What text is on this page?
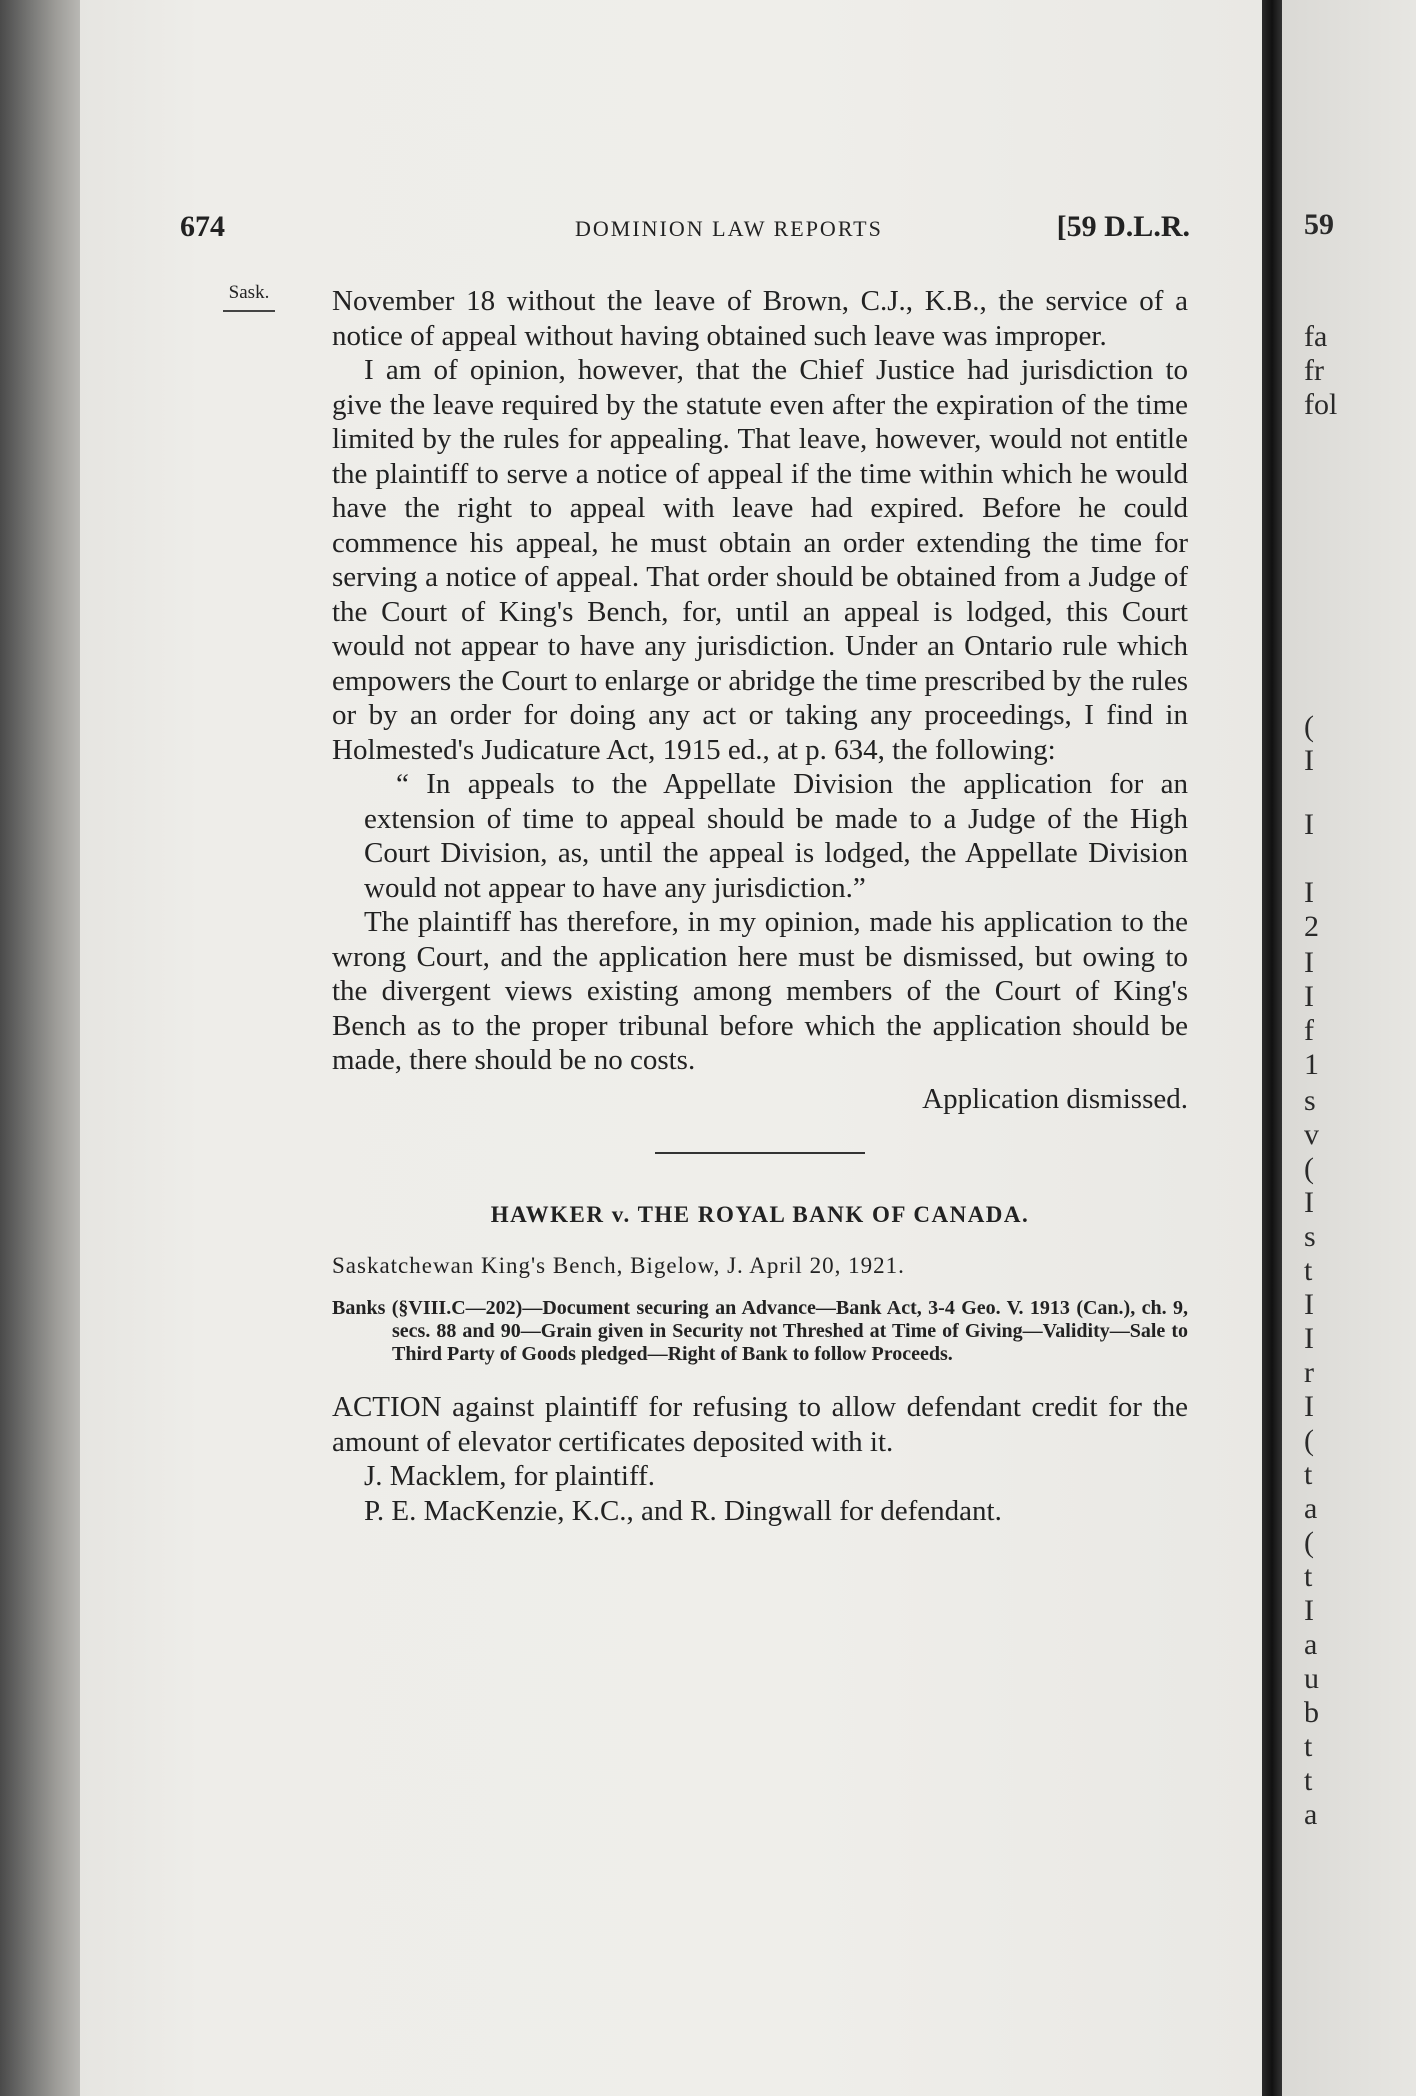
674	DOMINION LAW REPORTS	[59 D.L.R.
Sask.	November 18 without the leave of Brown, C.J., K.B., the service of a notice of appeal without having obtained such leave was improper.

I am of opinion, however, that the Chief Justice had jurisdiction to give the leave required by the statute even after the expiration of the time limited by the rules for appealing. That leave, however, would not entitle the plaintiff to serve a notice of appeal if the time within which he would have the right to appeal with leave had expired. Before he could commence his appeal, he must obtain an order extending the time for serving a notice of appeal. That order should be obtained from a Judge of the Court of King's Bench, for, until an appeal is lodged, this Court would not appear to have any jurisdiction. Under an Ontario rule which empowers the Court to enlarge or abridge the time prescribed by the rules or by an order for doing any act or taking any proceedings, I find in Holmested's Judicature Act, 1915 ed., at p. 634, the following:

“ In appeals to the Appellate Division the application for an extension of time to appeal should be made to a Judge of the High Court Division, as, until the appeal is lodged, the Appellate Division would not appear to have any jurisdiction.”

The plaintiff has therefore, in my opinion, made his application to the wrong Court, and the application here must be dismissed, but owing to the divergent views existing among members of the Court of King's Bench as to the proper tribunal before which the application should be made, there should be no costs.

Application dismissed.

HAWKER v. THE ROYAL BANK OF CANADA.
Saskatchewan King's Bench, Bigelow, J. April 20, 1921.
Banks (§VIII.C—202)—Document securing an Advance—Bank Act, 3-4 Geo. V. 1913 (Can.), ch. 9, secs. 88 and 90—Grain given in Security not Threshed at Time of Giving—Validity—Sale to Third Party of Goods pledged—Right of Bank to follow Proceeds.

ACTION against plaintiff for refusing to allow defendant credit for the amount of elevator certificates deposited with it.

J. Macklem, for plaintiff.

P. E. MacKenzie, K.C., and R. Dingwall for defendant.

59
fa
fr
fol
(
I
I
I
2
I
I
f
1
s
v
(
I
s
t
I
I
r
I
(
t
a
(
t
I
a
u
b
t
t
a
